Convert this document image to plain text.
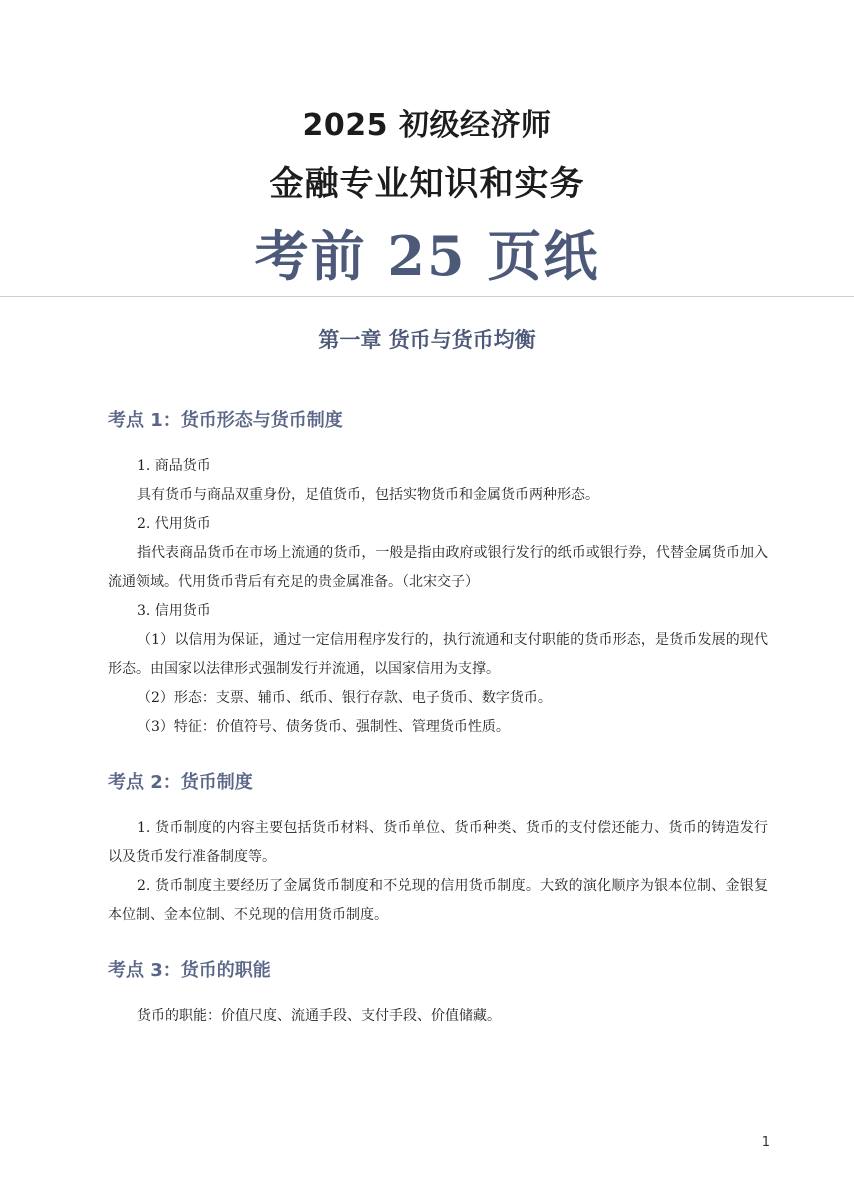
2025 初级经济师
金融专业知识和实务
考前 25 页纸
第一章 货币与货币均衡
考点 1：货币形态与货币制度

1. 商品货币

具有货币与商品双重身份，足值货币，包括实物货币和金属货币两种形态。

2. 代用货币

指代表商品货币在市场上流通的货币，一般是指由政府或银行发行的纸币或银行券，代替金属货币加入流通领域。代用货币背后有充足的贵金属准备。（北宋交子）

3. 信用货币

（1）以信用为保证，通过一定信用程序发行的，执行流通和支付职能的货币形态，是货币发展的现代形态。由国家以法律形式强制发行并流通，以国家信用为支撑。

（2）形态：支票、辅币、纸币、银行存款、电子货币、数字货币。

（3）特征：价值符号、债务货币、强制性、管理货币性质。

考点 2：货币制度

1. 货币制度的内容主要包括货币材料、货币单位、货币种类、货币的支付偿还能力、货币的铸造发行以及货币发行准备制度等。

2. 货币制度主要经历了金属货币制度和不兑现的信用货币制度。大致的演化顺序为银本位制、金银复本位制、金本位制、不兑现的信用货币制度。

考点 3：货币的职能

货币的职能：价值尺度、流通手段、支付手段、价值储藏。

1
